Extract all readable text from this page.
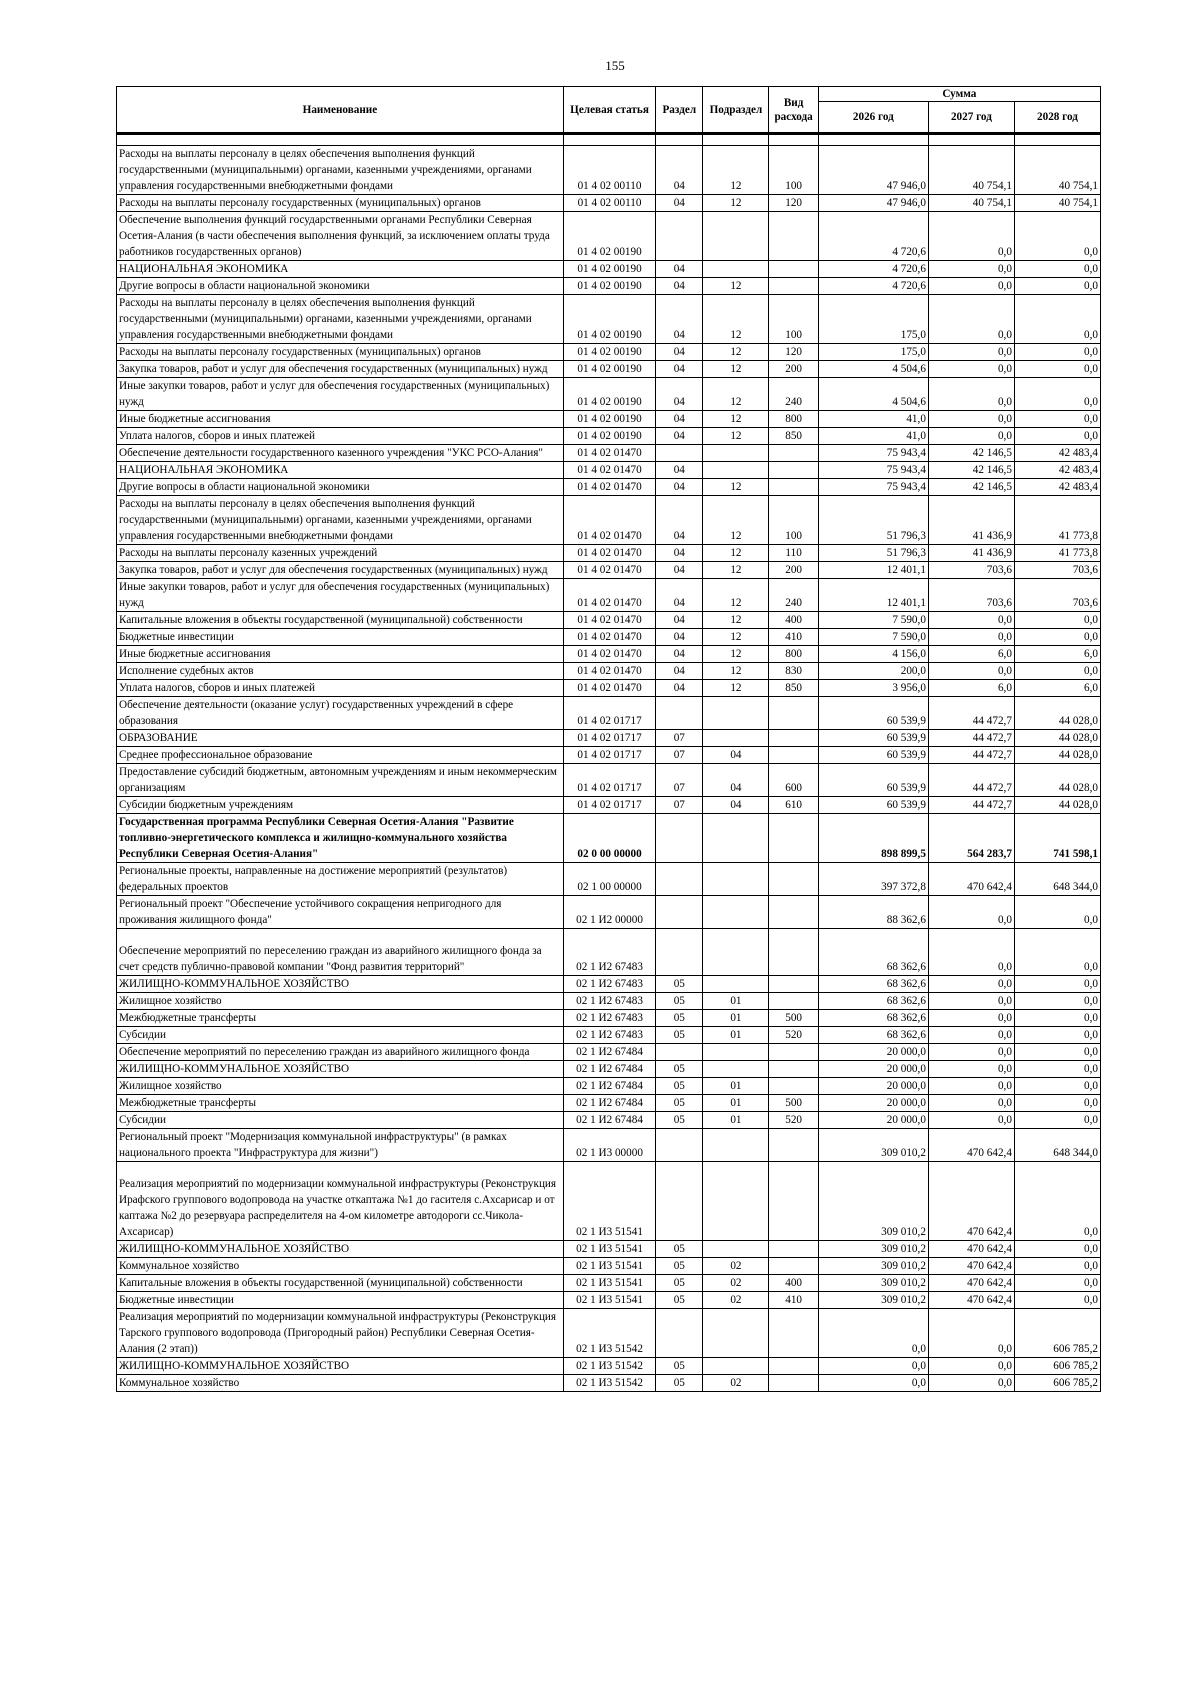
155
Наименование	Целевая статья	Раздел	Подраздел	Вид расхода	Сумма		
					2026 год	2027 год	2028 год

Расходы на выплаты персоналу в целях обеспечения выполнения функций государственными (муниципальными) органами, казенными учреждениями, органами управления государственными внебюджетными фондами	01 4 02 00110	04	12	100	47 946,0	40 754,1	40 754,1
Расходы на выплаты персоналу государственных (муниципальных) органов	01 4 02 00110	04	12	120	47 946,0	40 754,1	40 754,1
Обеспечение выполнения функций государственными органами Республики Северная Осетия-Алания (в части обеспечения выполнения функций, за исключением оплаты труда работников государственных органов)	01 4 02 00190				4 720,6	0,0	0,0
НАЦИОНАЛЬНАЯ ЭКОНОМИКА	01 4 02 00190	04			4 720,6	0,0	0,0
Другие вопросы в области национальной экономики	01 4 02 00190	04	12		4 720,6	0,0	0,0
Расходы на выплаты персоналу в целях обеспечения выполнения функций государственными (муниципальными) органами, казенными учреждениями, органами управления государственными внебюджетными фондами	01 4 02 00190	04	12	100	175,0	0,0	0,0
Расходы на выплаты персоналу государственных (муниципальных) органов	01 4 02 00190	04	12	120	175,0	0,0	0,0
Закупка товаров, работ и услуг для обеспечения государственных (муниципальных) нужд	01 4 02 00190	04	12	200	4 504,6	0,0	0,0
Иные закупки товаров, работ и услуг для обеспечения государственных (муниципальных) нужд	01 4 02 00190	04	12	240	4 504,6	0,0	0,0
Иные бюджетные ассигнования	01 4 02 00190	04	12	800	41,0	0,0	0,0
Уплата налогов, сборов и иных платежей	01 4 02 00190	04	12	850	41,0	0,0	0,0
Обеспечение деятельности государственного казенного учреждения "УКС РСО-Алания"	01 4 02 01470				75 943,4	42 146,5	42 483,4
НАЦИОНАЛЬНАЯ ЭКОНОМИКА	01 4 02 01470	04			75 943,4	42 146,5	42 483,4
Другие вопросы в области национальной экономики	01 4 02 01470	04	12		75 943,4	42 146,5	42 483,4
Расходы на выплаты персоналу в целях обеспечения выполнения функций государственными (муниципальными) органами, казенными учреждениями, органами управления государственными внебюджетными фондами	01 4 02 01470	04	12	100	51 796,3	41 436,9	41 773,8
Расходы на выплаты персоналу казенных учреждений	01 4 02 01470	04	12	110	51 796,3	41 436,9	41 773,8
Закупка товаров, работ и услуг для обеспечения государственных (муниципальных) нужд	01 4 02 01470	04	12	200	12 401,1	703,6	703,6
Иные закупки товаров, работ и услуг для обеспечения государственных (муниципальных) нужд	01 4 02 01470	04	12	240	12 401,1	703,6	703,6
Капитальные вложения в объекты государственной (муниципальной) собственности	01 4 02 01470	04	12	400	7 590,0	0,0	0,0
Бюджетные инвестиции	01 4 02 01470	04	12	410	7 590,0	0,0	0,0
Иные бюджетные ассигнования	01 4 02 01470	04	12	800	4 156,0	6,0	6,0
Исполнение судебных актов	01 4 02 01470	04	12	830	200,0	0,0	0,0
Уплата налогов, сборов и иных платежей	01 4 02 01470	04	12	850	3 956,0	6,0	6,0
Обеспечение деятельности (оказание услуг) государственных учреждений в сфере образования	01 4 02 01717				60 539,9	44 472,7	44 028,0
ОБРАЗОВАНИЕ	01 4 02 01717	07			60 539,9	44 472,7	44 028,0
Среднее профессиональное образование	01 4 02 01717	07	04		60 539,9	44 472,7	44 028,0
Предоставление субсидий бюджетным, автономным учреждениям и иным некоммерческим организациям	01 4 02 01717	07	04	600	60 539,9	44 472,7	44 028,0
Субсидии бюджетным учреждениям	01 4 02 01717	07	04	610	60 539,9	44 472,7	44 028,0
Государственная программа Республики Северная Осетия-Алания "Развитие топливно-энергетического комплекса и жилищно-коммунального хозяйства Республики Северная Осетия-Алания"	02 0 00 00000				898 899,5	564 283,7	741 598,1
Региональные проекты, направленные на достижение мероприятий (результатов) федеральных проектов	02 1 00 00000				397 372,8	470 642,4	648 344,0
Региональный проект "Обеспечение устойчивого сокращения непригодного для проживания жилищного фонда"	02 1 И2 00000				88 362,6	0,0	0,0
Обеспечение мероприятий по переселению граждан из аварийного жилищного фонда за счет средств публично-правовой компании "Фонд развития территорий"	02 1 И2 67483				68 362,6	0,0	0,0
ЖИЛИЩНО-КОММУНАЛЬНОЕ ХОЗЯЙСТВО	02 1 И2 67483	05			68 362,6	0,0	0,0
Жилищное хозяйство	02 1 И2 67483	05	01		68 362,6	0,0	0,0
Межбюджетные трансферты	02 1 И2 67483	05	01	500	68 362,6	0,0	0,0
Субсидии	02 1 И2 67483	05	01	520	68 362,6	0,0	0,0
Обеспечение мероприятий по переселению граждан из аварийного жилищного фонда	02 1 И2 67484				20 000,0	0,0	0,0
ЖИЛИЩНО-КОММУНАЛЬНОЕ ХОЗЯЙСТВО	02 1 И2 67484	05			20 000,0	0,0	0,0
Жилищное хозяйство	02 1 И2 67484	05	01		20 000,0	0,0	0,0
Межбюджетные трансферты	02 1 И2 67484	05	01	500	20 000,0	0,0	0,0
Субсидии	02 1 И2 67484	05	01	520	20 000,0	0,0	0,0
Региональный проект "Модернизация коммунальной инфраструктуры" (в рамках национального проекта "Инфраструктура для жизни")	02 1 И3 00000				309 010,2	470 642,4	648 344,0
Реализация мероприятий по модернизации коммунальной инфраструктуры (Реконструкция Ирафского группового водопровода на участке откаптажа №1 до гасителя с.Ахсарисар и от каптажа №2 до резервуара распределителя на 4-ом километре автодороги сс.Чикола-Ахсарисар)	02 1 И3 51541				309 010,2	470 642,4	0,0
ЖИЛИЩНО-КОММУНАЛЬНОЕ ХОЗЯЙСТВО	02 1 И3 51541	05			309 010,2	470 642,4	0,0
Коммунальное хозяйство	02 1 И3 51541	05	02		309 010,2	470 642,4	0,0
Капитальные вложения в объекты государственной (муниципальной) собственности	02 1 И3 51541	05	02	400	309 010,2	470 642,4	0,0
Бюджетные инвестиции	02 1 И3 51541	05	02	410	309 010,2	470 642,4	0,0
Реализация мероприятий по модернизации коммунальной инфраструктуры (Реконструкция Тарского группового водопровода (Пригородный район) Республики Северная Осетия-Алания (2 этап))	02 1 И3 51542				0,0	0,0	606 785,2
ЖИЛИЩНО-КОММУНАЛЬНОЕ ХОЗЯЙСТВО	02 1 И3 51542	05			0,0	0,0	606 785,2
Коммунальное хозяйство	02 1 И3 51542	05	02		0,0	0,0	606 785,2
